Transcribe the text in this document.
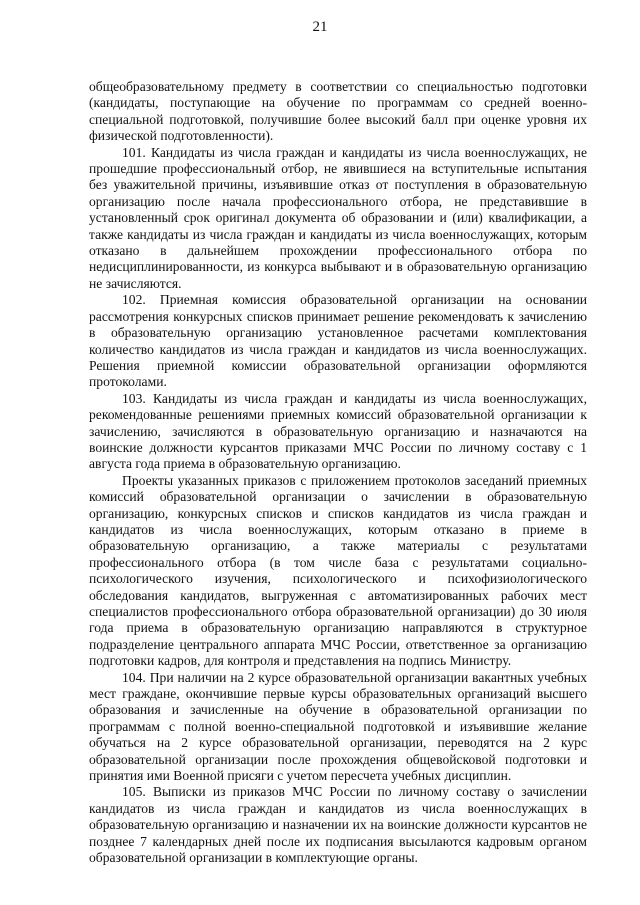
21

общеобразовательному предмету в соответствии со специальностью подготовки (кандидаты, поступающие на обучение по программам со средней военно-специальной подготовкой, получившие более высокий балл при оценке уровня их физической подготовленности).

101. Кандидаты из числа граждан и кандидаты из числа военнослужащих, не прошедшие профессиональный отбор, не явившиеся на вступительные испытания без уважительной причины, изъявившие отказ от поступления в образовательную организацию после начала профессионального отбора, не представившие в установленный срок оригинал документа об образовании и (или) квалификации, а также кандидаты из числа граждан и кандидаты из числа военнослужащих, которым отказано в дальнейшем прохождении профессионального отбора по недисциплинированности, из конкурса выбывают и в образовательную организацию не зачисляются.

102. Приемная комиссия образовательной организации на основании рассмотрения конкурсных списков принимает решение рекомендовать к зачислению в образовательную организацию установленное расчетами комплектования количество кандидатов из числа граждан и кандидатов из числа военнослужащих. Решения приемной комиссии образовательной организации оформляются протоколами.

103. Кандидаты из числа граждан и кандидаты из числа военнослужащих, рекомендованные решениями приемных комиссий образовательной организации к зачислению, зачисляются в образовательную организацию и назначаются на воинские должности курсантов приказами МЧС России по личному составу с 1 августа года приема в образовательную организацию.

Проекты указанных приказов с приложением протоколов заседаний приемных комиссий образовательной организации о зачислении в образовательную организацию, конкурсных списков и списков кандидатов из числа граждан и кандидатов из числа военнослужащих, которым отказано в приеме в образовательную организацию, а также материалы с результатами профессионального отбора (в том числе база с результатами социально-психологического изучения, психологического и психофизиологического обследования кандидатов, выгруженная с автоматизированных рабочих мест специалистов профессионального отбора образовательной организации) до 30 июля года приема в образовательную организацию направляются в структурное подразделение центрального аппарата МЧС России, ответственное за организацию подготовки кадров, для контроля и представления на подпись Министру.

104. При наличии на 2 курсе образовательной организации вакантных учебных мест граждане, окончившие первые курсы образовательных организаций высшего образования и зачисленные на обучение в образовательной организации по программам с полной военно-специальной подготовкой и изъявившие желание обучаться на 2 курсе образовательной организации, переводятся на 2 курс образовательной организации после прохождения общевойсковой подготовки и принятия ими Военной присяги с учетом пересчета учебных дисциплин.

105. Выписки из приказов МЧС России по личному составу о зачислении кандидатов из числа граждан и кандидатов из числа военнослужащих в образовательную организацию и назначении их на воинские должности курсантов не позднее 7 календарных дней после их подписания высылаются кадровым органом образовательной организации в комплектующие органы.
